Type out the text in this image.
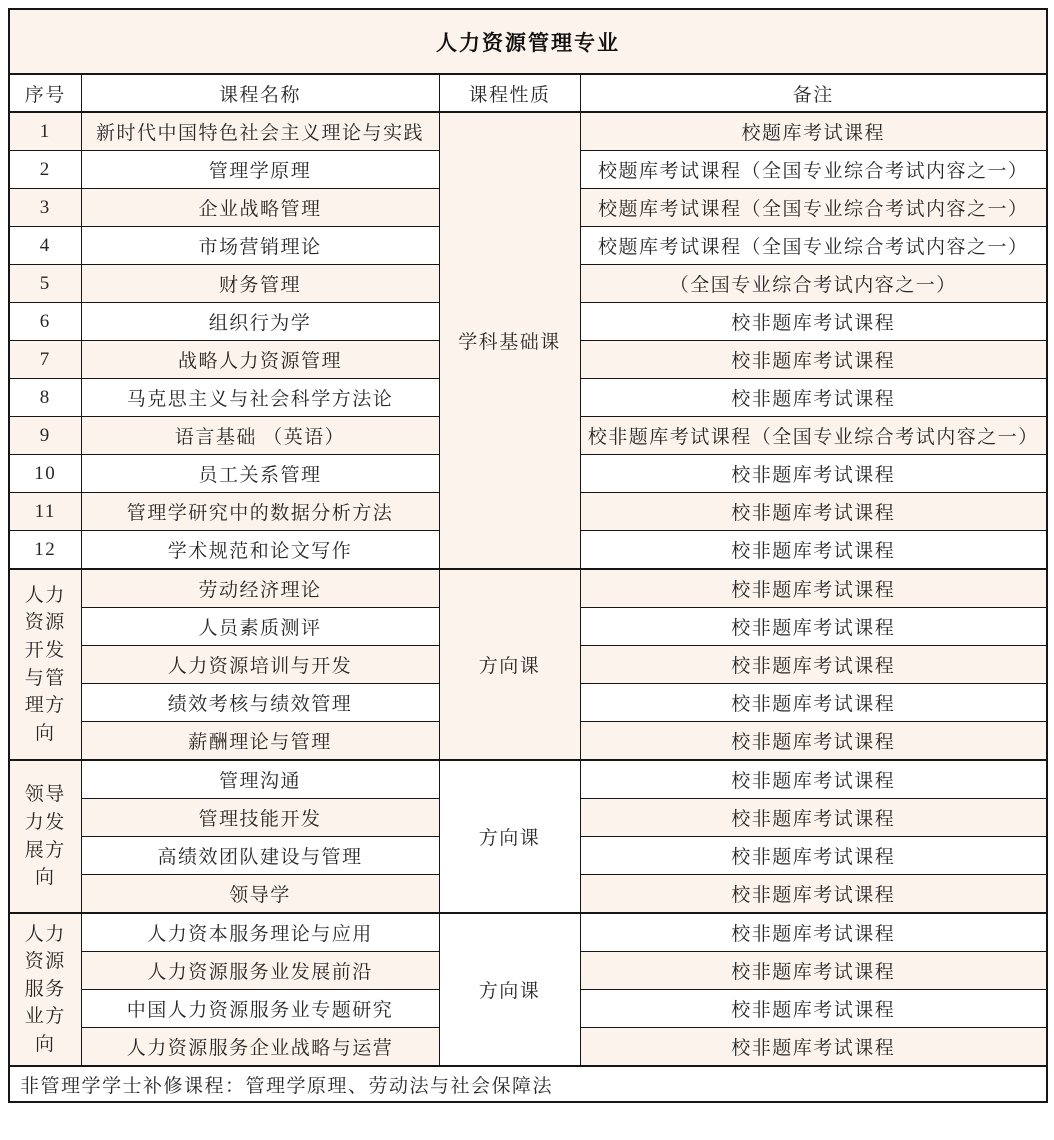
人力资源管理专业			
序号	课程名称	课程性质	备注
1	新时代中国特色社会主义理论与实践	学科基础课	校题库考试课程
2	管理学原理		校题库考试课程（全国专业综合考试内容之一）
3	企业战略管理		校题库考试课程（全国专业综合考试内容之一）
4	市场营销理论		校题库考试课程（全国专业综合考试内容之一）
5	财务管理		（全国专业综合考试内容之一）
6	组织行为学		校非题库考试课程
7	战略人力资源管理		校非题库考试课程
8	马克思主义与社会科学方法论		校非题库考试课程
9	语言基础 （英语）		校非题库考试课程（全国专业综合考试内容之一）
10	员工关系管理		校非题库考试课程
11	管理学研究中的数据分析方法		校非题库考试课程
12	学术规范和论文写作		校非题库考试课程
人力资源开发与管理方向	劳动经济理论	方向课	校非题库考试课程
	人员素质测评		校非题库考试课程
	人力资源培训与开发		校非题库考试课程
	绩效考核与绩效管理		校非题库考试课程
	薪酬理论与管理		校非题库考试课程
领导力发展方向	管理沟通	方向课	校非题库考试课程
	管理技能开发		校非题库考试课程
	高绩效团队建设与管理		校非题库考试课程
	领导学		校非题库考试课程
人力资源服务业方向	人力资本服务理论与应用	方向课	校非题库考试课程
	人力资源服务业发展前沿		校非题库考试课程
	中国人力资源服务业专题研究		校非题库考试课程
	人力资源服务企业战略与运营		校非题库考试课程
非管理学学士补修课程：管理学原理、劳动法与社会保障法			
